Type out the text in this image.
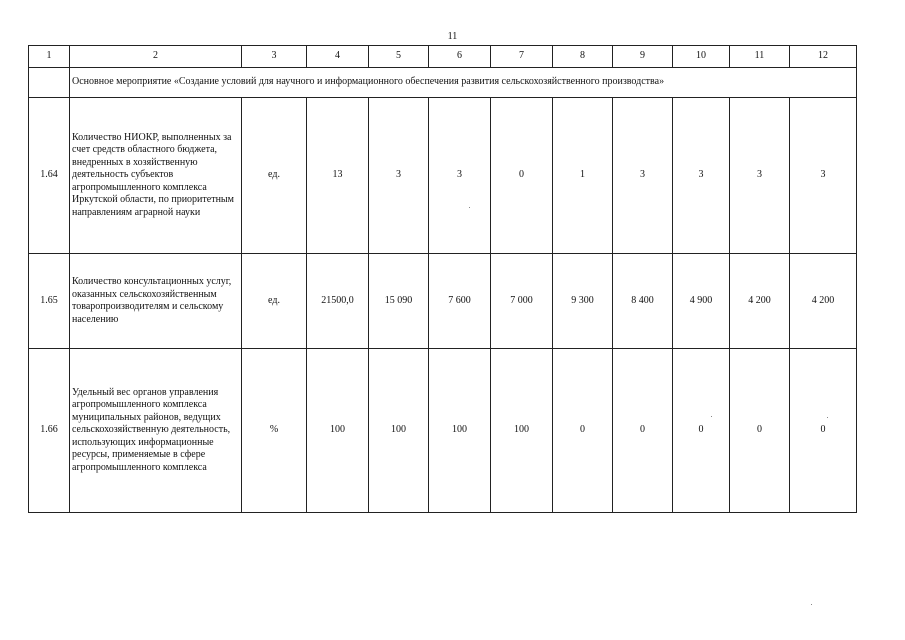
11
1	2	3	4	5	6	7	8	9	10	11	12
	Основное мероприятие «Создание условий для научного и информационного обеспечения развития сельскохозяйственного производства»										
1.64	Количество НИОКР, выполненных за счет средств областного бюджета, внедренных в хозяйственную деятельность субъектов агропромышленного комплекса Иркутской области, по приоритетным направлениям аграрной науки	ед.	13	3	3	0	1	3	3	3	3
1.65	Количество консультационных услуг, оказанных сельскохозяйственным товаропроизводителям и сельскому населению	ед.	21500,0	15 090	7 600	7 000	9 300	8 400	4 900	4 200	4 200
1.66	Удельный вес органов управления агропромышленного комплекса муниципальных районов, ведущих сельскохозяйственную деятельность, использующих информационные ресурсы, применяемые в сфере агропромышленного комплекса	%	100	100	100	100	0	0	0	0	0
